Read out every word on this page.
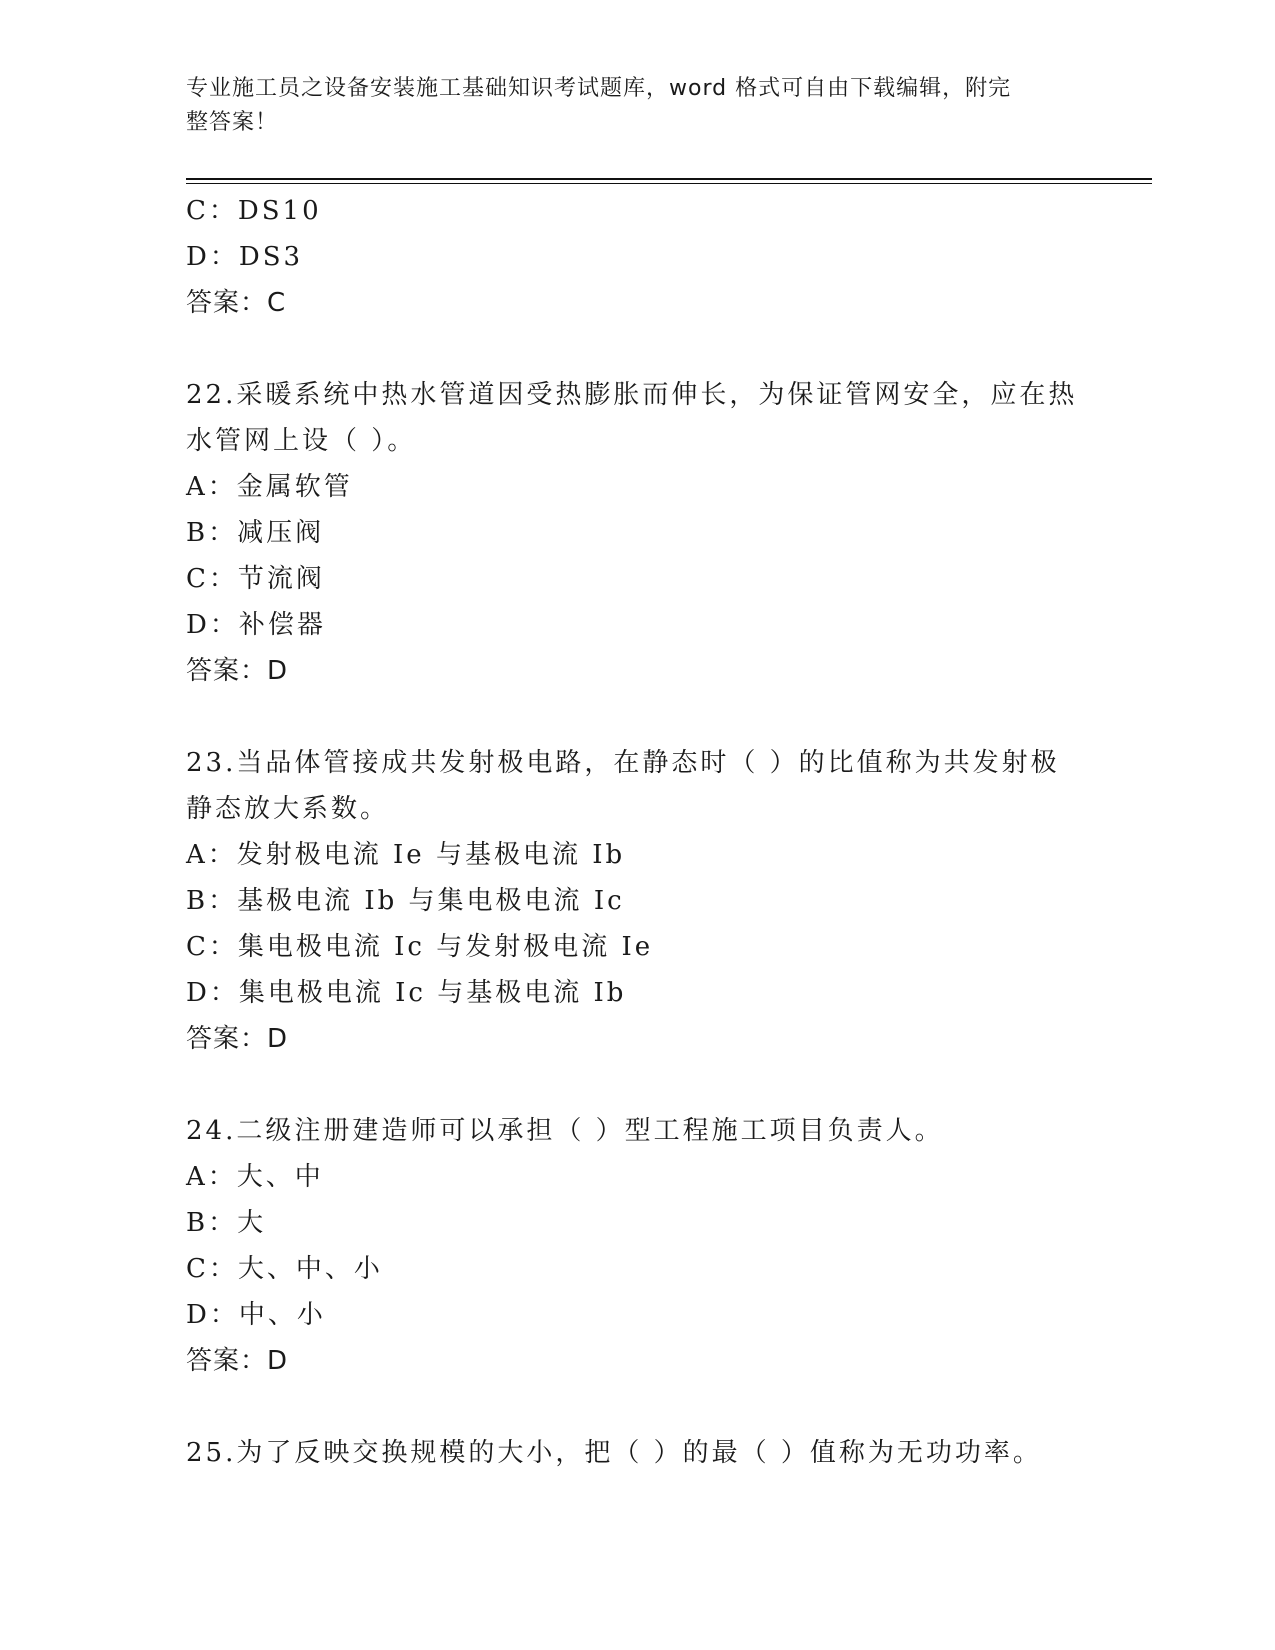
专业施工员之设备安装施工基础知识考试题库，word 格式可自由下载编辑，附完
整答案！
C：DS10
D：DS3
答案：C
22.采暖系统中热水管道因受热膨胀而伸长，为保证管网安全，应在热
水管网上设（ ）。
A：金属软管
B：减压阀
C：节流阀
D：补偿器
答案：D
23.当品体管接成共发射极电路，在静态时（ ）的比值称为共发射极
静态放大系数。
A：发射极电流 Ie 与基极电流 Ib
B：基极电流 Ib 与集电极电流 Ic
C：集电极电流 Ic 与发射极电流 Ie
D：集电极电流 Ic 与基极电流 Ib
答案：D
24.二级注册建造师可以承担（ ）型工程施工项目负责人。
A：大、中
B：大
C：大、中、小
D：中、小
答案：D
25.为了反映交换规模的大小，把（ ）的最（ ）值称为无功功率。
